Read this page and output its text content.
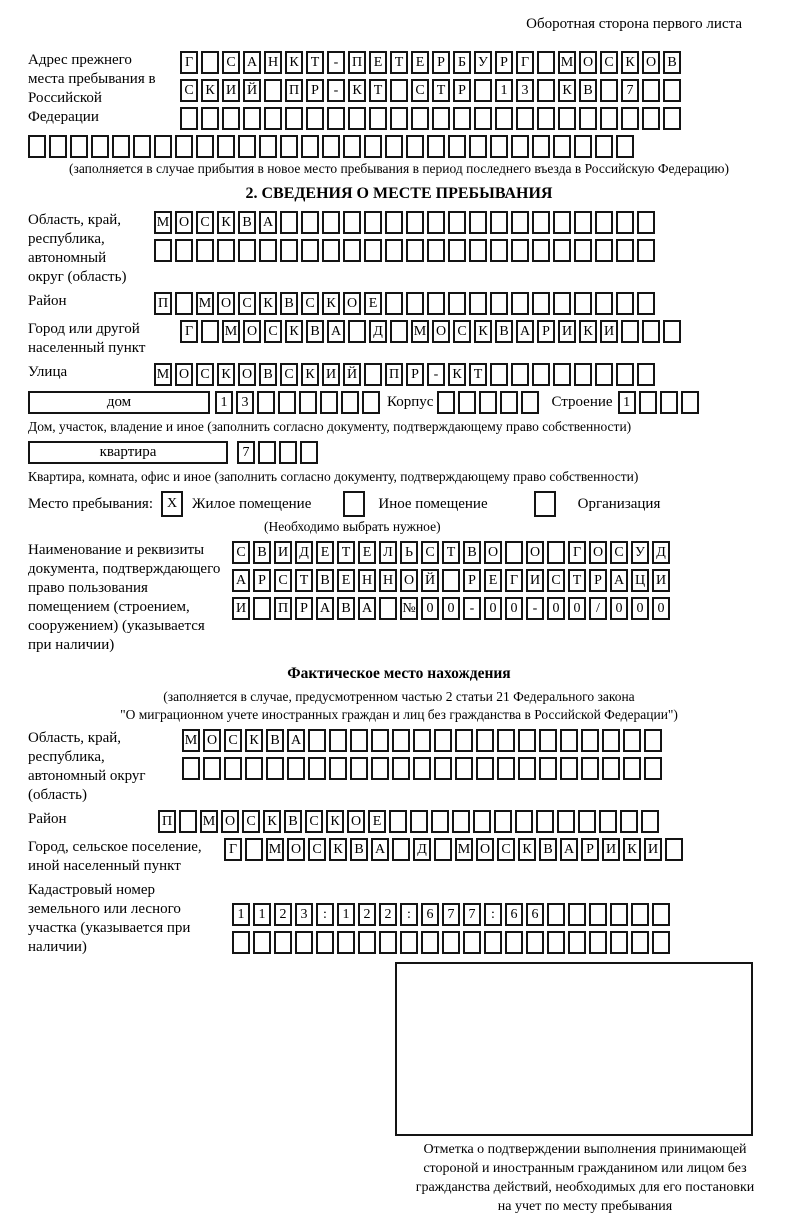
Оборотная сторона первого листа
Адрес прежнего места пребывания в Российской Федерации
Г	С А Н К Т	- П Е Т Е Р Б У Р Г	М О С К О В
С К И Й П Р	-	К Т	С Т Р	1	3	К В	7
(заполняется в случае прибытия в новое место пребывания в период последнего въезда в Российскую Федерацию)
2. СВЕДЕНИЯ О МЕСТЕ ПРЕБЫВАНИЯ
Область, край, республика, автономный округ (область)
М О С К В А
Район	П М О С К В С К О Е
Город или другой населенный пункт
Г	М О С К В А	Д	М О С К В А Р И К И
Улица	М О С К О В С К И Й П Р	-	К Т
дом	1	3	Корпус	Строение 1
Дом, участок, владение и иное (заполнить согласно документу, подтверждающему право собственности)
квартира	7
Квартира, комната, офис и иное (заполнить согласно документу, подтверждающему право собственности)
Место пребывания: X Жилое помещение	Иное помещение	Организация
(Необходимо выбрать нужное)
Наименование и реквизиты документа, подтверждающего право пользования помещением (строением, сооружением) (указывается при наличии)
С В И Д Е Т Е Л Ь С Т В О О	Г О С У Д
А Р С Т В Е Н Н О Й	Р Е Г И С Т Р А Ц И
И П Р А В А № 0	0	-	0	0	-	0	0	/	0	0	0
Фактическое место нахождения
(заполняется в случае, предусмотренном частью 2 статьи 21 Федерального закона
"О миграционном учете иностранных граждан и лиц без гражданства в Российской Федерации")
Область, край, республика, автономный округ (область)
М О С К В А
Район	П М О С К В С К О Е
Город, сельское поселение, иной населенный пункт
Г	М О С К В А	Д	М О С К В А Р И К И
Кадастровый номер земельного или лесного участка (указывается при наличии)
1	1	2	3	:	1	2	2	:	6	7	7	:	6	6
Отметка о подтверждении выполнения принимающей
стороной и иностранным гражданином или лицом без
гражданства действий, необходимых для его постановки
на учет по месту пребывания
